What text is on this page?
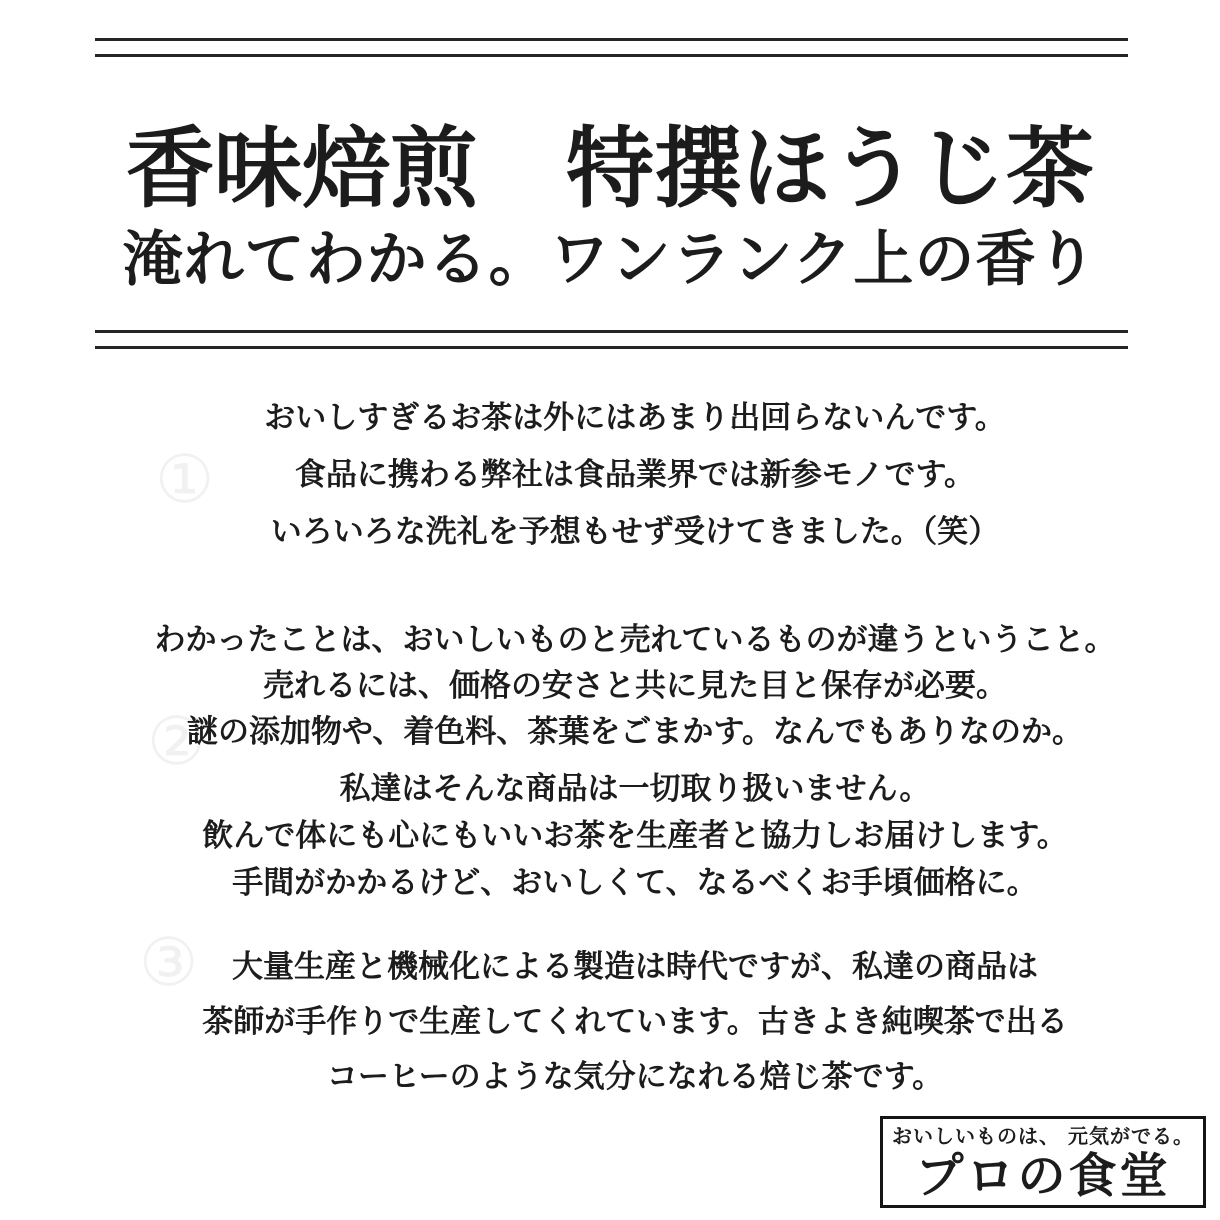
香味焙煎　特撰ほうじ茶
淹れてわかる。ワンランク上の香り
①
②
③

おいしすぎるお茶は外にはあまり出回らないんです。

食品に携わる弊社は食品業界では新参モノです。

いろいろな洗礼を予想もせず受けてきました。（笑）

わかったことは、おいしいものと売れているものが違うということ。

売れるには、価格の安さと共に見た目と保存が必要。

謎の添加物や、着色料、茶葉をごまかす。なんでもありなのか。

私達はそんな商品は一切取り扱いません。

飲んで体にも心にもいいお茶を生産者と協力しお届けします。

手間がかかるけど、おいしくて、なるべくお手頃価格に。

大量生産と機械化による製造は時代ですが、私達の商品は

茶師が手作りで生産してくれています。古きよき純喫茶で出る

コーヒーのような気分になれる焙じ茶です。

おいしいものは、 元気がでる。
プロの食堂
